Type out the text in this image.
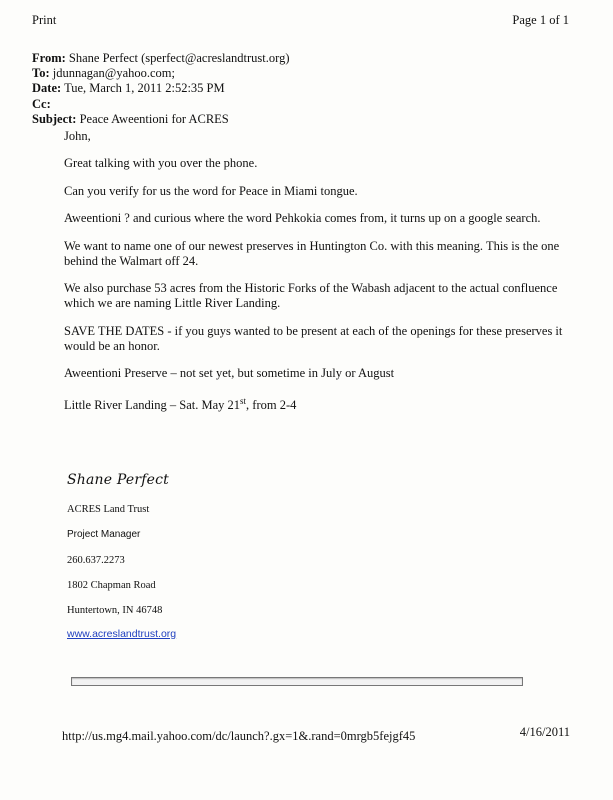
Print	Page 1 of 1
From: Shane Perfect (sperfect@acreslandtrust.org)
To: jdunnagan@yahoo.com;
Date: Tue, March 1, 2011 2:52:35 PM
Cc:
Subject: Peace Aweentioni for ACRES

John,

Great talking with you over the phone.

Can you verify for us the word for Peace in Miami tongue.

Aweentioni ? and curious where the word Pehkokia comes from, it turns up on a google search.

We want to name one of our newest preserves in Huntington Co. with this meaning. This is the one behind the Walmart off 24.

We also purchase 53 acres from the Historic Forks of the Wabash adjacent to the actual confluence which we are naming Little River Landing.

SAVE THE DATES - if you guys wanted to be present at each of the openings for these preserves it would be an honor.

Aweentioni Preserve – not set yet, but sometime in July or August

Little River Landing – Sat. May 21st, from 2-4

Shane Perfect
ACRES Land Trust
Project Manager
260.637.2273
1802 Chapman Road
Huntertown, IN 46748
www.acreslandtrust.org
http://us.mg4.mail.yahoo.com/dc/launch?.gx=1&.rand=0mrgb5fejgf45	4/16/2011
